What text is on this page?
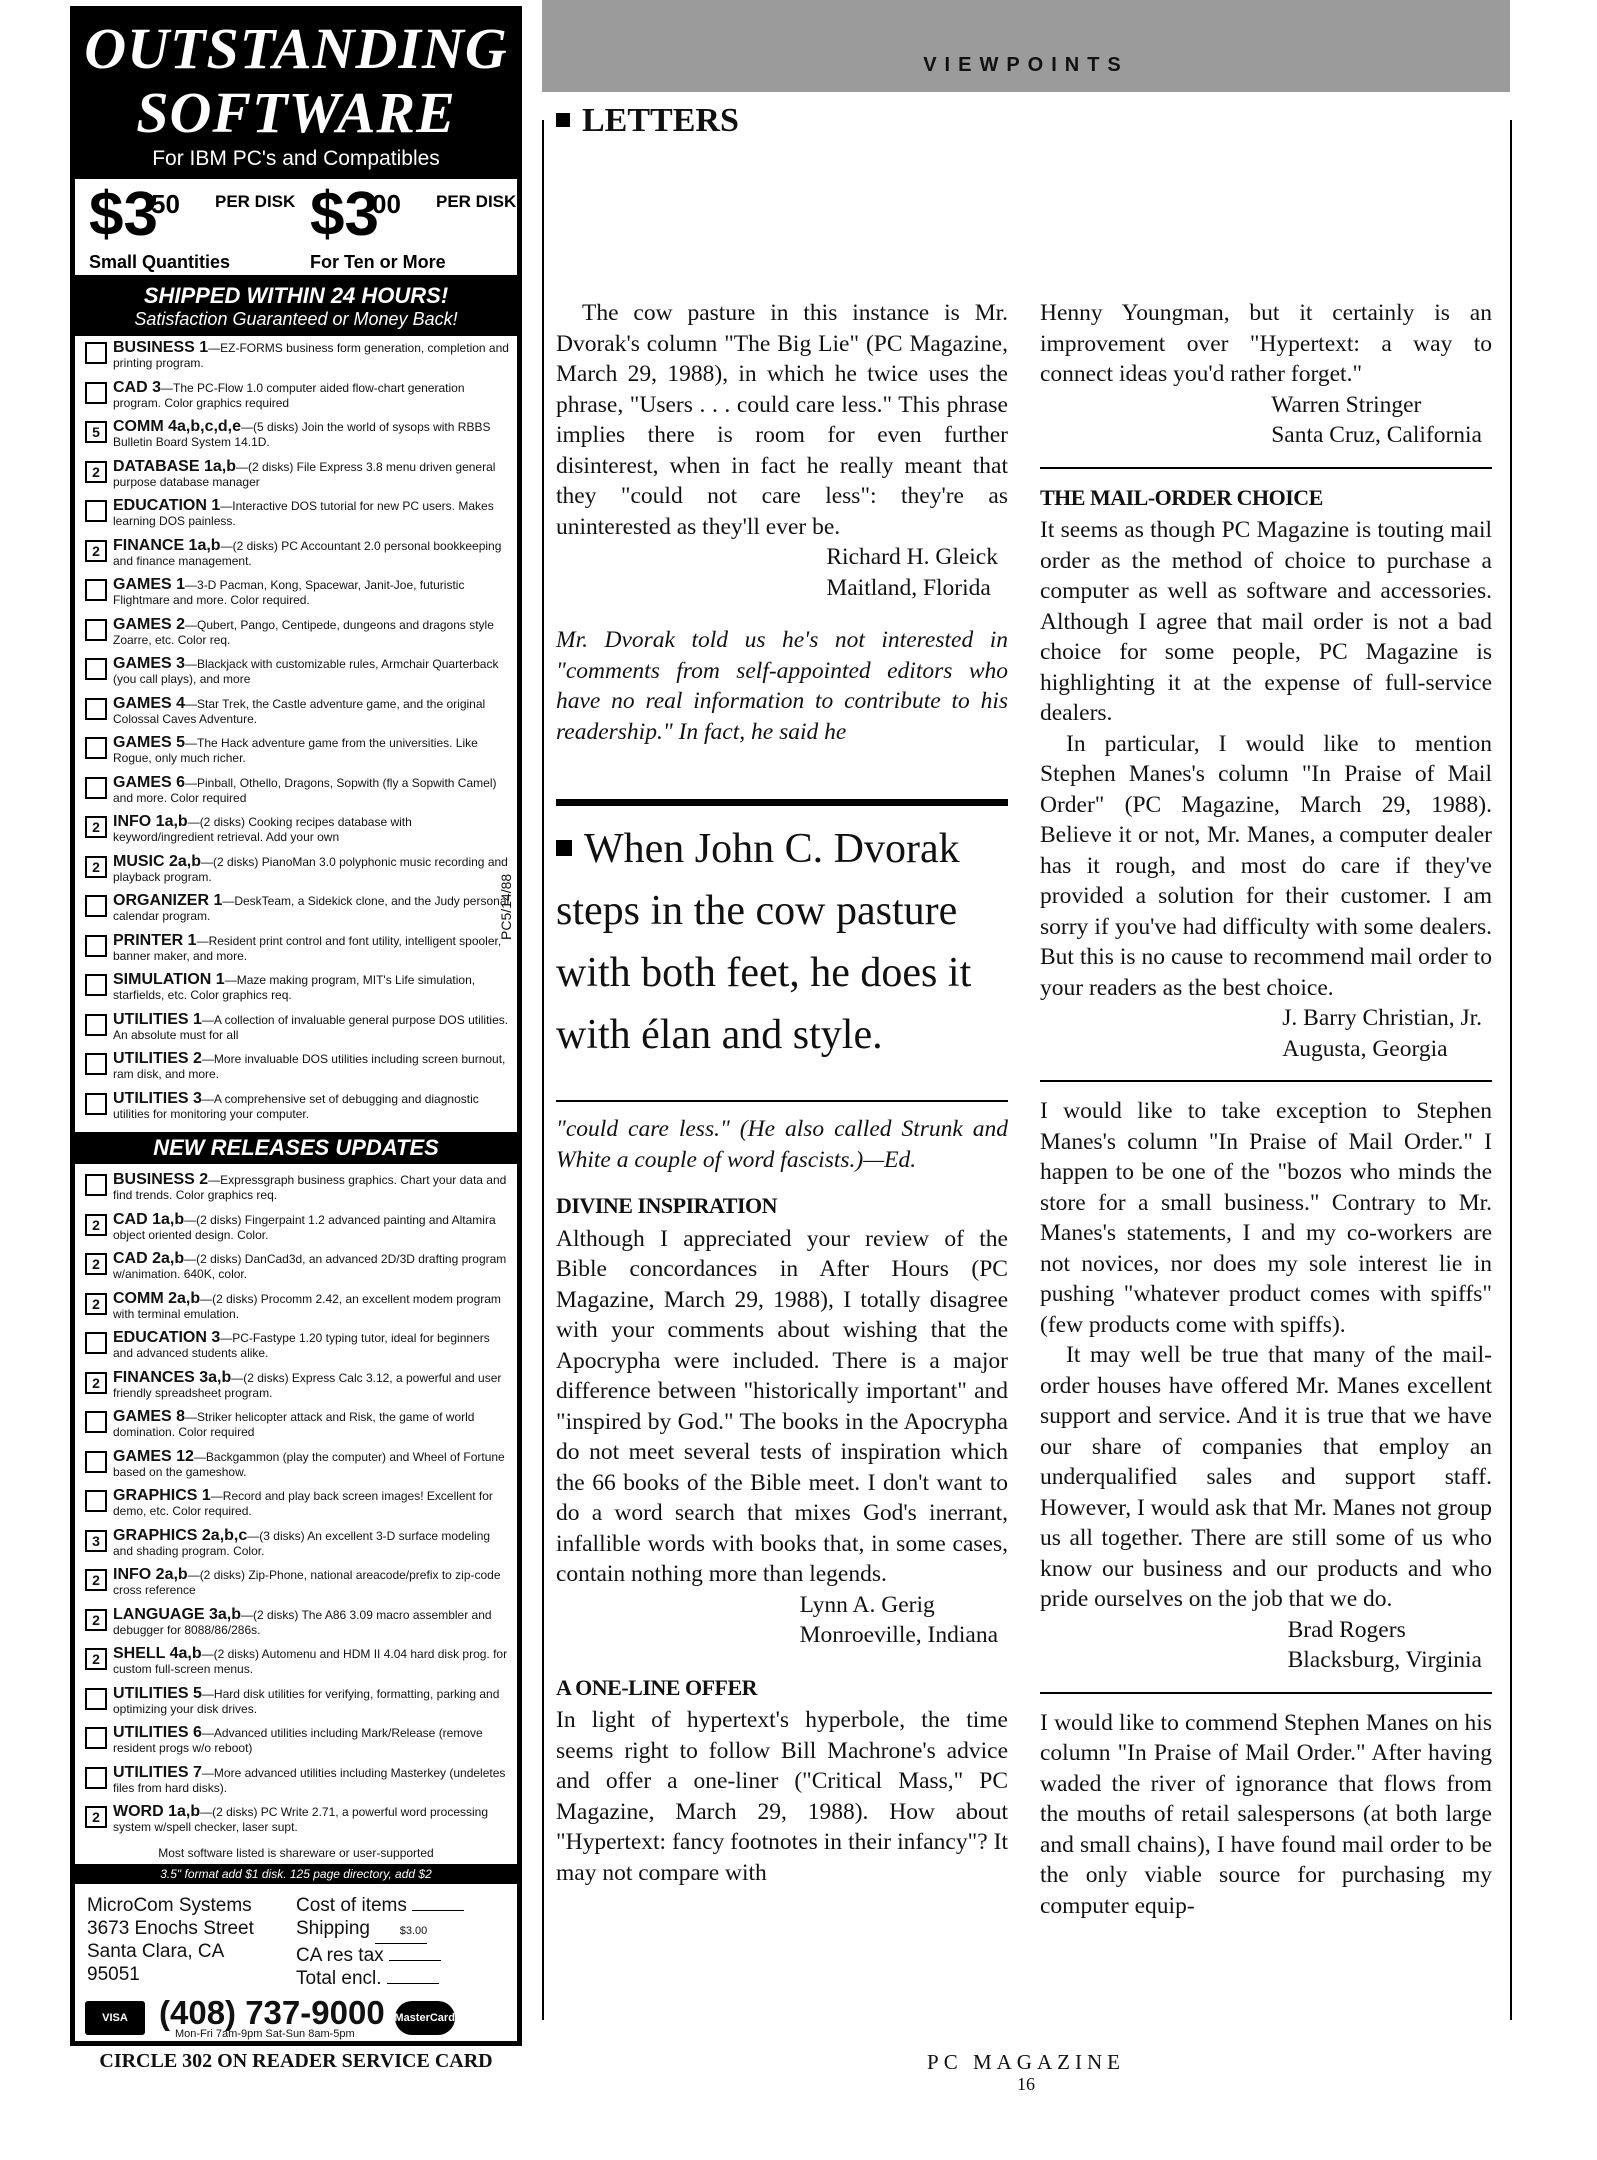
OUTSTANDING
SOFTWARE
For IBM PC's and Compatibles
$3
50 PER DISK
Small Quantities
$3
00 PER DISK
For Ten or More
SHIPPED WITHIN 24 HOURS!
Satisfaction Guaranteed or Money Back!
BUSINESS 1—EZ-FORMS business form generation, completion and printing program.
CAD 3—The PC-Flow 1.0 computer aided flow-chart generation program. Color graphics required
5 COMM 4a,b,c,d,e—(5 disks) Join the world of sysops with RBBS Bulletin Board System 14.1D.
2 DATABASE 1a,b—(2 disks) File Express 3.8 menu driven general purpose database manager
EDUCATION 1—Interactive DOS tutorial for new PC users. Makes learning DOS painless.
2 FINANCE 1a,b—(2 disks) PC Accountant 2.0 personal bookkeeping and finance management.
GAMES 1—3-D Pacman, Kong, Spacewar, Janit-Joe, futuristic Flightmare and more. Color required.
GAMES 2—Qubert, Pango, Centipede, dungeons and dragons style Zoarre, etc. Color req.
GAMES 3—Blackjack with customizable rules, Armchair Quarterback (you call plays), and more
GAMES 4—Star Trek, the Castle adventure game, and the original Colossal Caves Adventure.
GAMES 5—The Hack adventure game from the universities. Like Rogue, only much richer.
GAMES 6—Pinball, Othello, Dragons, Sopwith (fly a Sopwith Camel) and more. Color required
2 INFO 1a,b—(2 disks) Cooking recipes database with keyword/ingredient retrieval. Add your own
2 MUSIC 2a,b—(2 disks) PianoMan 3.0 polyphonic music recording and playback program.
ORGANIZER 1—DeskTeam, a Sidekick clone, and the Judy personal calendar program.
PRINTER 1—Resident print control and font utility, intelligent spooler, banner maker, and more.
SIMULATION 1—Maze making program, MIT's Life simulation, starfields, etc. Color graphics req.
UTILITIES 1—A collection of invaluable general purpose DOS utilities. An absolute must for all
UTILITIES 2—More invaluable DOS utilities including screen burnout, ram disk, and more.
UTILITIES 3—A comprehensive set of debugging and diagnostic utilities for monitoring your computer.
NEW RELEASES UPDATES
BUSINESS 2—Expressgraph business graphics. Chart your data and find trends. Color graphics req.
2 CAD 1a,b—(2 disks) Fingerpaint 1.2 advanced painting and Altamira object oriented design. Color.
2 CAD 2a,b—(2 disks) DanCad3d, an advanced 2D/3D drafting program w/animation. 640K, color.
2 COMM 2a,b—(2 disks) Procomm 2.42, an excellent modem program with terminal emulation.
EDUCATION 3—PC-Fastype 1.20 typing tutor, ideal for beginners and advanced students alike.
2 FINANCES 3a,b—(2 disks) Express Calc 3.12, a powerful and user friendly spreadsheet program.
GAMES 8—Striker helicopter attack and Risk, the game of world domination. Color required
GAMES 12—Backgammon (play the computer) and Wheel of Fortune based on the gameshow.
GRAPHICS 1—Record and play back screen images! Excellent for demo, etc. Color required.
3 GRAPHICS 2a,b,c—(3 disks) An excellent 3-D surface modeling and shading program. Color.
2 INFO 2a,b—(2 disks) Zip-Phone, national areacode/prefix to zip-code cross reference
2 LANGUAGE 3a,b—(2 disks) The A86 3.09 macro assembler and debugger for 8088/86/286s.
2 SHELL 4a,b—(2 disks) Automenu and HDM II 4.04 hard disk prog. for custom full-screen menus.
UTILITIES 5—Hard disk utilities for verifying, formatting, parking and optimizing your disk drives.
UTILITIES 6—Advanced utilities including Mark/Release (remove resident progs w/o reboot)
UTILITIES 7—More advanced utilities including Masterkey (undeletes files from hard disks).
2 WORD 1a,b—(2 disks) PC Write 2.71, a powerful word processing system w/spell checker, laser supt.
Most software listed is shareware or user-supported
3.5" format add $1 disk. 125 page directory, add $2
MicroCom Systems
3673 Enochs Street
Santa Clara, CA
95051
Cost of items
Shipping	$3.00
CA res tax
Total encl.
VISA (408) 737-9000
Mon-Fri 7am-9pm Sat-Sun 8am-5pm
MasterCard
PC5/14/88
CIRCLE 302 ON READER SERVICE CARD
VIEWPOINTS
LETTERS

The cow pasture in this instance is Mr. Dvorak's column "The Big Lie" (PC Magazine, March 29, 1988), in which he twice uses the phrase, "Users . . . could care less." This phrase implies there is room for even further disinterest, when in fact he really meant that they "could not care less": they're as uninterested as they'll ever be.

Richard H. Gleick
Maitland, Florida

Mr. Dvorak told us he's not interested in "comments from self-appointed editors who have no real information to contribute to his readership." In fact, he said he

When John C. Dvorak steps in the cow pasture with both feet, he does it with élan and style.

"could care less." (He also called Strunk and White a couple of word fascists.)—Ed.

DIVINE INSPIRATION

Although I appreciated your review of the Bible concordances in After Hours (PC Magazine, March 29, 1988), I totally disagree with your comments about wishing that the Apocrypha were included. There is a major difference between "historically important" and "inspired by God." The books in the Apocrypha do not meet several tests of inspiration which the 66 books of the Bible meet. I don't want to do a word search that mixes God's inerrant, infallible words with books that, in some cases, contain nothing more than legends.

Lynn A. Gerig
Monroeville, Indiana
A ONE-LINE OFFER

In light of hypertext's hyperbole, the time seems right to follow Bill Machrone's advice and offer a one-liner ("Critical Mass," PC Magazine, March 29, 1988). How about "Hypertext: fancy footnotes in their infancy"? It may not compare with

Henny Youngman, but it certainly is an improvement over "Hypertext: a way to connect ideas you'd rather forget."

Warren Stringer
Santa Cruz, California
THE MAIL-ORDER CHOICE

It seems as though PC Magazine is touting mail order as the method of choice to purchase a computer as well as software and accessories. Although I agree that mail order is not a bad choice for some people, PC Magazine is highlighting it at the expense of full-service dealers.

In particular, I would like to mention Stephen Manes's column "In Praise of Mail Order" (PC Magazine, March 29, 1988). Believe it or not, Mr. Manes, a computer dealer has it rough, and most do care if they've provided a solution for their customer. I am sorry if you've had difficulty with some dealers. But this is no cause to recommend mail order to your readers as the best choice.

J. Barry Christian, Jr.
Augusta, Georgia

I would like to take exception to Stephen Manes's column "In Praise of Mail Order." I happen to be one of the "bozos who minds the store for a small business." Contrary to Mr. Manes's statements, I and my co-workers are not novices, nor does my sole interest lie in pushing "whatever product comes with spiffs" (few products come with spiffs).

It may well be true that many of the mail-order houses have offered Mr. Manes excellent support and service. And it is true that we have our share of companies that employ an underqualified sales and support staff. However, I would ask that Mr. Manes not group us all together. There are still some of us who know our business and our products and who pride ourselves on the job that we do.

Brad Rogers
Blacksburg, Virginia

I would like to commend Stephen Manes on his column "In Praise of Mail Order." After having waded the river of ignorance that flows from the mouths of retail salespersons (at both large and small chains), I have found mail order to be the only viable source for purchasing my computer equip-

PC MAGAZINE
16
